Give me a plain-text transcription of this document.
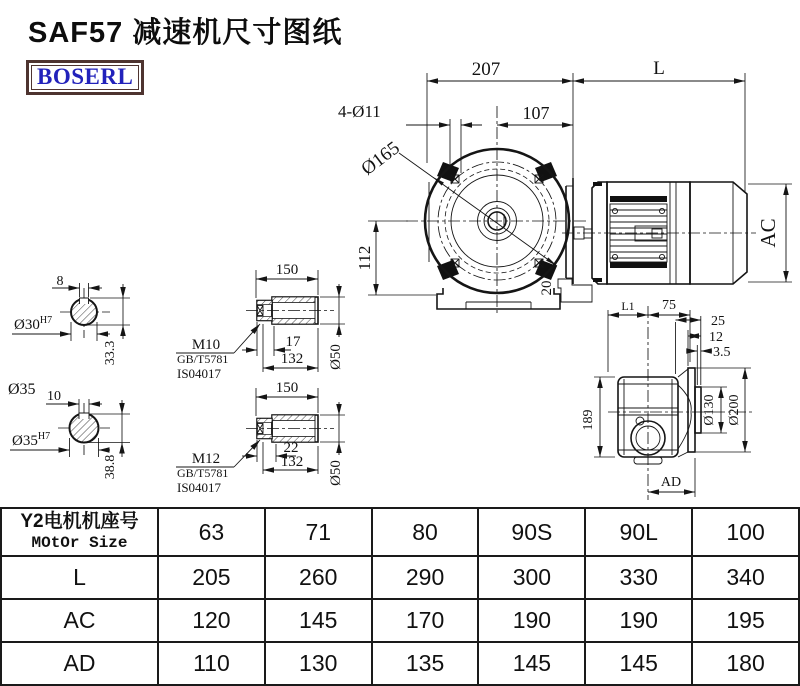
SAF57 减速机尺寸图纸
BOSERL	207	L
107
4-Ø11
Ø165
112
20
AC
L1 75
25
12
3.5
189	Ø130 Ø200
AD
8
$Ø30^{H7}$
33.3
Ø35 10
$Ø35^{H7}$
38.8
150
17
132 Ø50
M10
GB/T5781
IS04017
150
22
132 Ø50
M12
GB/T5781
IS04017
Y2电机机座号
MOtOr Size	63	71	80	90S	90L	100
L	205	260	290	300	330	340
AC	120	145	170	190	190	195
AD	110	130	135	145	145	180
